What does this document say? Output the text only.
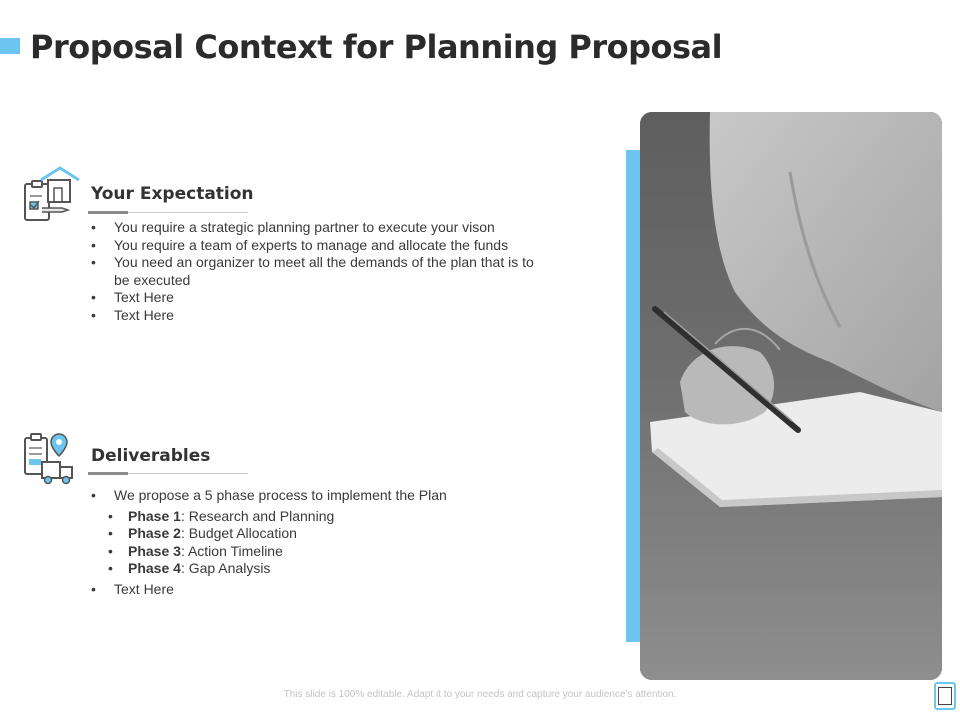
Proposal Context for Planning Proposal
Your Expectation
• You require a strategic planning partner to execute your vison
• You require a team of experts to manage and allocate the funds
• You need an organizer to meet all the demands of the plan that is to be executed
• Text Here
• Text Here
Deliverables
• We propose a 5 phase process to implement the Plan
• Phase 1: Research and Planning
• Phase 2: Budget Allocation
• Phase 3: Action Timeline
• Phase 4: Gap Analysis
• Text Here
This slide is 100% editable. Adapt it to your needs and capture your audience's attention.
